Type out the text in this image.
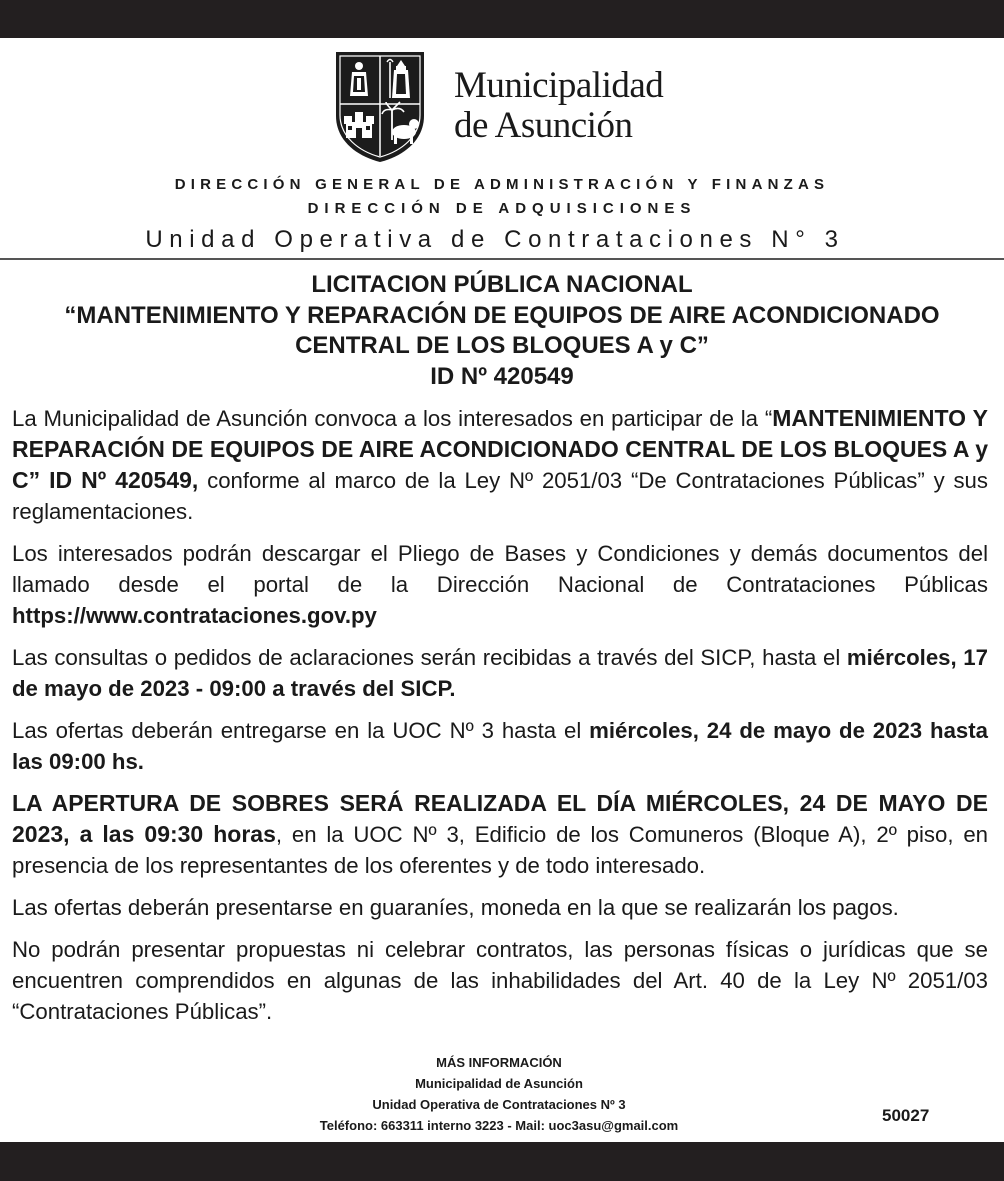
Municipalidad
de Asunción
DIRECCIÓN GENERAL DE ADMINISTRACIÓN Y FINANZAS
DIRECCIÓN DE ADQUISICIONES
Unidad Operativa de Contrataciones N° 3
LICITACION PÚBLICA NACIONAL
“MANTENIMIENTO Y REPARACIÓN DE EQUIPOS DE AIRE ACONDICIONADO
CENTRAL DE LOS BLOQUES A y C”
ID Nº 420549

La Municipalidad de Asunción convoca a los interesados en participar de la “MANTENIMIENTO Y REPARACIÓN DE EQUIPOS DE AIRE ACONDICIONADO CENTRAL DE LOS BLOQUES A y C” ID Nº 420549, conforme al marco de la Ley Nº 2051/03 “De Contrataciones Públicas” y sus reglamentaciones.

Los interesados podrán descargar el Pliego de Bases y Condiciones y demás documentos del llamado desde el portal de la Dirección Nacional de Contrataciones Públicas https://www.contrataciones.gov.py

Las consultas o pedidos de aclaraciones serán recibidas a través del SICP, hasta el miércoles, 17 de mayo de 2023 - 09:00 a través del SICP.

Las ofertas deberán entregarse en la UOC Nº 3 hasta el miércoles, 24 de mayo de 2023 hasta las 09:00 hs.

LA APERTURA DE SOBRES SERÁ REALIZADA EL DÍA MIÉRCOLES, 24 DE MAYO DE 2023, a las 09:30 horas, en la UOC Nº 3, Edificio de los Comuneros (Bloque A), 2º piso, en presencia de los representantes de los oferentes y de todo interesado.

Las ofertas deberán presentarse en guaraníes, moneda en la que se realizarán los pagos.

No podrán presentar propuestas ni celebrar contratos, las personas físicas o jurídicas que se encuentren comprendidos en algunas de las inhabilidades del Art. 40 de la Ley Nº 2051/03 “Contrataciones Públicas”.

MÁS INFORMACIÓN
Municipalidad de Asunción
Unidad Operativa de Contrataciones Nº 3
Teléfono: 663311 interno 3223 - Mail: uoc3asu@gmail.com
50027
